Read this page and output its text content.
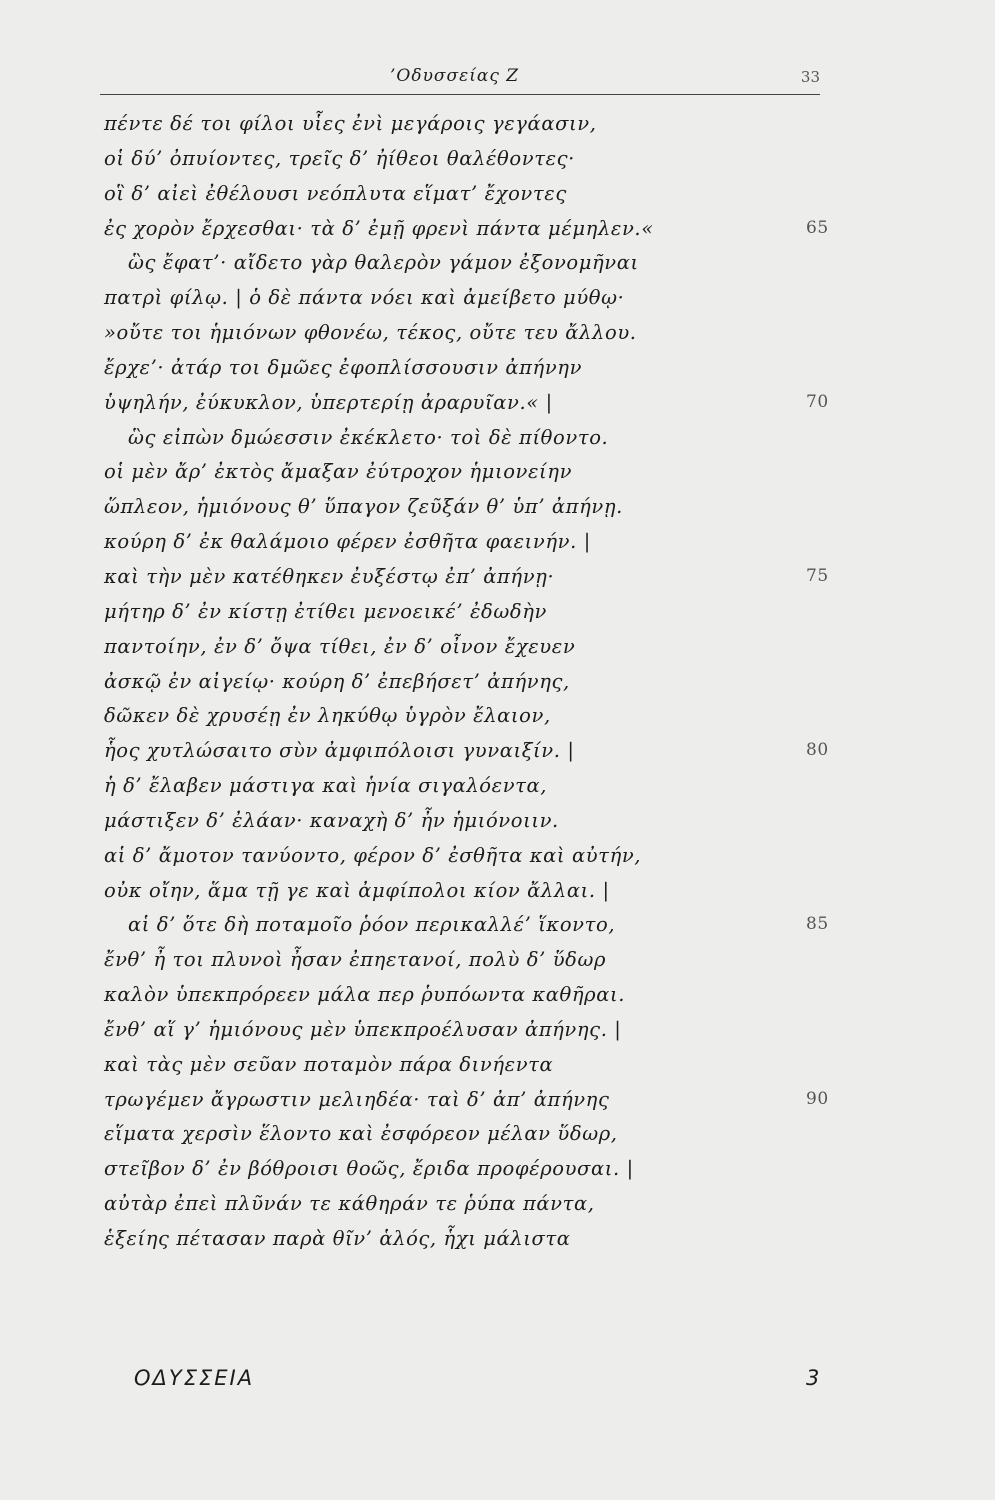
’Οδυσσείας Ζ	33
πέντε δέ τοι φίλοι υἷες ἐνὶ μεγάροις γεγάασιν,
οἱ δύ’ ὀπυίοντες, τρεῖς δ’ ἠίθεοι θαλέθοντες·
οἳ δ’ αἰεὶ ἐθέλουσι νεόπλυτα εἵματ’ ἔχοντες
ἐς χορὸν ἔρχεσθαι· τὰ δ’ ἐμῇ φρενὶ πάντα μέμηλεν.«	65
ὣς ἔφατ’· αἴδετο γὰρ θαλερὸν γάμον ἐξονομῆναι
πατρὶ φίλῳ. | ὁ δὲ πάντα νόει καὶ ἀμείβετο μύθῳ·
»οὔτε τοι ἡμιόνων φθονέω, τέκος, οὔτε τευ ἄλλου.
ἔρχε’· ἀτάρ τοι δμῶες ἐφοπλίσσουσιν ἀπήνην
ὑψηλήν, ἐύκυκλον, ὑπερτερίῃ ἀραρυῖαν.« |	70
ὣς εἰπὼν δμώεσσιν ἐκέκλετο· τοὶ δὲ πίθοντο.
οἱ μὲν ἄρ’ ἐκτὸς ἄμαξαν ἐύτροχον ἡμιονείην
ὥπλεον, ἡμιόνους θ’ ὕπαγον ζεῦξάν θ’ ὑπ’ ἀπήνῃ.
κούρη δ’ ἐκ θαλάμοιο φέρεν ἐσθῆτα φαεινήν. |
καὶ τὴν μὲν κατέθηκεν ἐυξέστῳ ἐπ’ ἀπήνῃ·	75
μήτηρ δ’ ἐν κίστῃ ἐτίθει μενοεικέ’ ἐδωδὴν
παντοίην, ἐν δ’ ὄψα τίθει, ἐν δ’ οἶνον ἔχευεν
ἀσκῷ ἐν αἰγείῳ· κούρη δ’ ἐπεβήσετ’ ἀπήνης,
δῶκεν δὲ χρυσέῃ ἐν ληκύθῳ ὑγρὸν ἔλαιον,
ἧος χυτλώσαιτο σὺν ἀμφιπόλοισι γυναιξίν. |	80
ἡ δ’ ἔλαβεν μάστιγα καὶ ἡνία σιγαλόεντα,
μάστιξεν δ’ ἐλάαν· καναχὴ δ’ ἦν ἡμιόνοιιν.
αἱ δ’ ἄμοτον τανύοντο, φέρον δ’ ἐσθῆτα καὶ αὐτήν,
οὐκ οἴην, ἅμα τῇ γε καὶ ἀμφίπολοι κίον ἄλλαι. |
αἱ δ’ ὅτε δὴ ποταμοῖο ῥόον περικαλλέ’ ἵκοντο,	85
ἔνθ’ ἦ τοι πλυνοὶ ἦσαν ἐπηετανοί, πολὺ δ’ ὕδωρ
καλὸν ὑπεκπρόρεεν μάλα περ ῥυπόωντα καθῆραι.
ἔνθ’ αἵ γ’ ἡμιόνους μὲν ὑπεκπροέλυσαν ἀπήνης. |
καὶ τὰς μὲν σεῦαν ποταμὸν πάρα δινήεντα
τρωγέμεν ἄγρωστιν μελιηδέα· ταὶ δ’ ἀπ’ ἀπήνης	90
εἵματα χερσὶν ἕλοντο καὶ ἐσφόρεον μέλαν ὕδωρ,
στεῖβον δ’ ἐν βόθροισι θοῶς, ἔριδα προφέρουσαι. |
αὐτὰρ ἐπεὶ πλῦνάν τε κάθηράν τε ῥύπα πάντα,
ἑξείης πέτασαν παρὰ θῖν’ ἁλός, ἧχι μάλιστα
ΟΔΥΣΣΕΙΑ	3
